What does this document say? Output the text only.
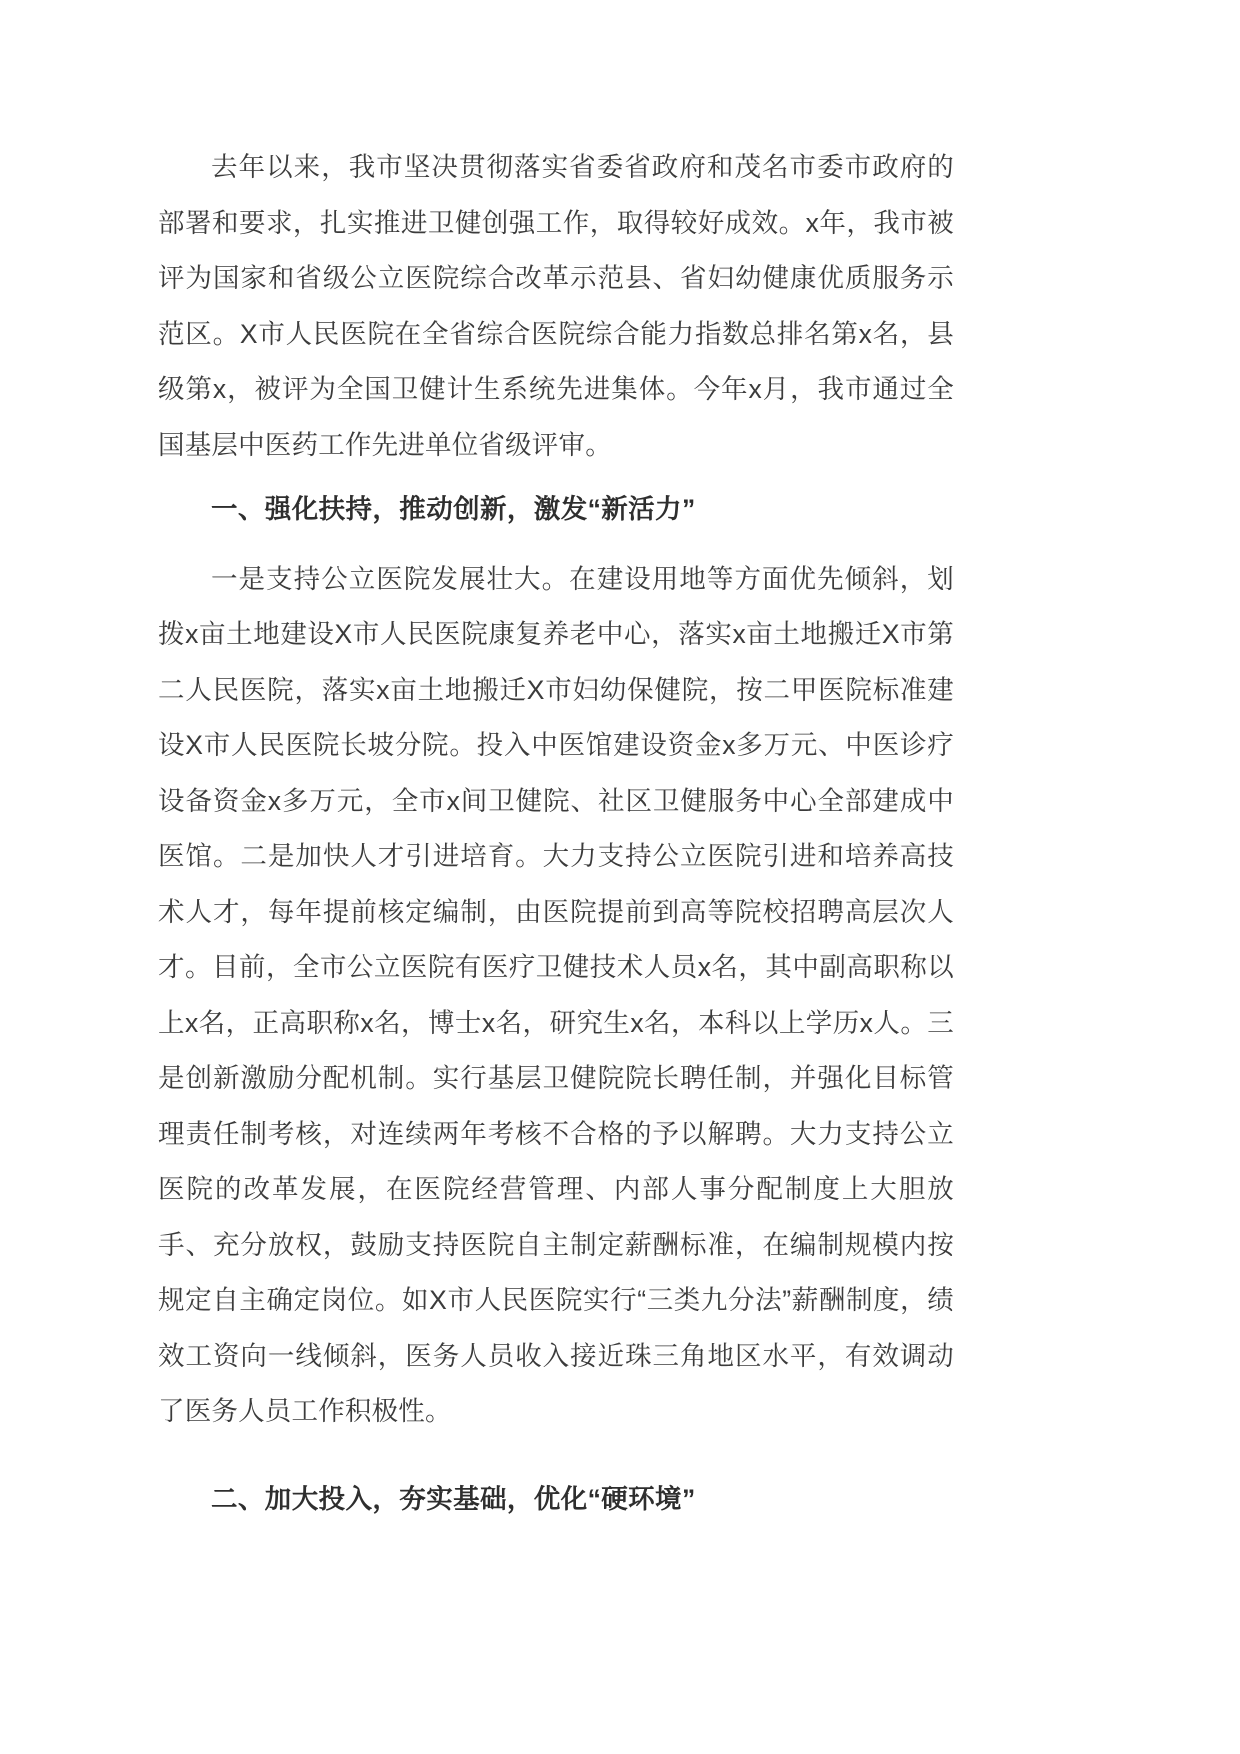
去年以来，我市坚决贯彻落实省委省政府和茂名市委市政府的部署和要求，扎实推进卫健创强工作，取得较好成效。x年，我市被评为国家和省级公立医院综合改革示范县、省妇幼健康优质服务示范区。X市人民医院在全省综合医院综合能力指数总排名第x名，县级第x，被评为全国卫健计生系统先进集体。今年x月，我市通过全国基层中医药工作先进单位省级评审。

一、强化扶持，推动创新，激发“新活力”

一是支持公立医院发展壮大。在建设用地等方面优先倾斜，划拨x亩土地建设X市人民医院康复养老中心，落实x亩土地搬迁X市第二人民医院，落实x亩土地搬迁X市妇幼保健院，按二甲医院标准建设X市人民医院长坡分院。投入中医馆建设资金x多万元、中医诊疗设备资金x多万元，全市x间卫健院、社区卫健服务中心全部建成中医馆。二是加快人才引进培育。大力支持公立医院引进和培养高技术人才，每年提前核定编制，由医院提前到高等院校招聘高层次人才。目前，全市公立医院有医疗卫健技术人员x名，其中副高职称以上x名，正高职称x名，博士x名，研究生x名，本科以上学历x人。三是创新激励分配机制。实行基层卫健院院长聘任制，并强化目标管理责任制考核，对连续两年考核不合格的予以解聘。大力支持公立医院的改革发展，在医院经营管理、内部人事分配制度上大胆放手、充分放权，鼓励支持医院自主制定薪酬标准，在编制规模内按规定自主确定岗位。如X市人民医院实行“三类九分法”薪酬制度，绩效工资向一线倾斜，医务人员收入接近珠三角地区水平，有效调动了医务人员工作积极性。

二、加大投入，夯实基础，优化“硬环境”
